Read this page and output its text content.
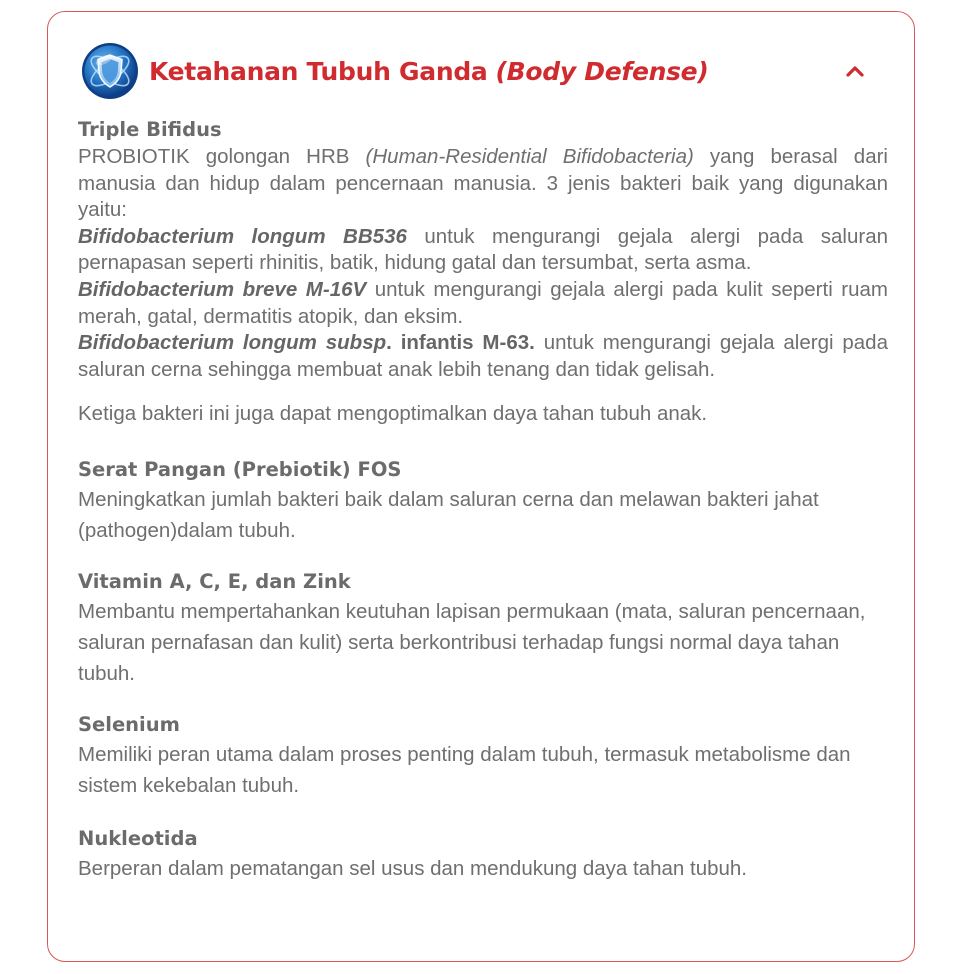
Ketahanan Tubuh Ganda (Body Defense)
Triple Bifidus
PROBIOTIK golongan HRB (Human-Residential Bifidobacteria) yang berasal dari manusia dan hidup dalam pencernaan manusia. 3 jenis bakteri baik yang digunakan yaitu:
Bifidobacterium longum BB536 untuk mengurangi gejala alergi pada saluran pernapasan seperti rhinitis, batik, hidung gatal dan tersumbat, serta asma.
Bifidobacterium breve M-16V untuk mengurangi gejala alergi pada kulit seperti ruam merah, gatal, dermatitis atopik, dan eksim.
Bifidobacterium longum subsp. infantis M-63. untuk mengurangi gejala alergi pada saluran cerna sehingga membuat anak lebih tenang dan tidak gelisah.
Ketiga bakteri ini juga dapat mengoptimalkan daya tahan tubuh anak.
Serat Pangan (Prebiotik) FOS
Meningkatkan jumlah bakteri baik dalam saluran cerna dan melawan bakteri jahat (pathogen)dalam tubuh.
Vitamin A, C, E, dan Zink
Membantu mempertahankan keutuhan lapisan permukaan (mata, saluran pencernaan, saluran pernafasan dan kulit) serta berkontribusi terhadap fungsi normal daya tahan tubuh.
Selenium
Memiliki peran utama dalam proses penting dalam tubuh, termasuk metabolisme dan sistem kekebalan tubuh.
Nukleotida
Berperan dalam pematangan sel usus dan mendukung daya tahan tubuh.
